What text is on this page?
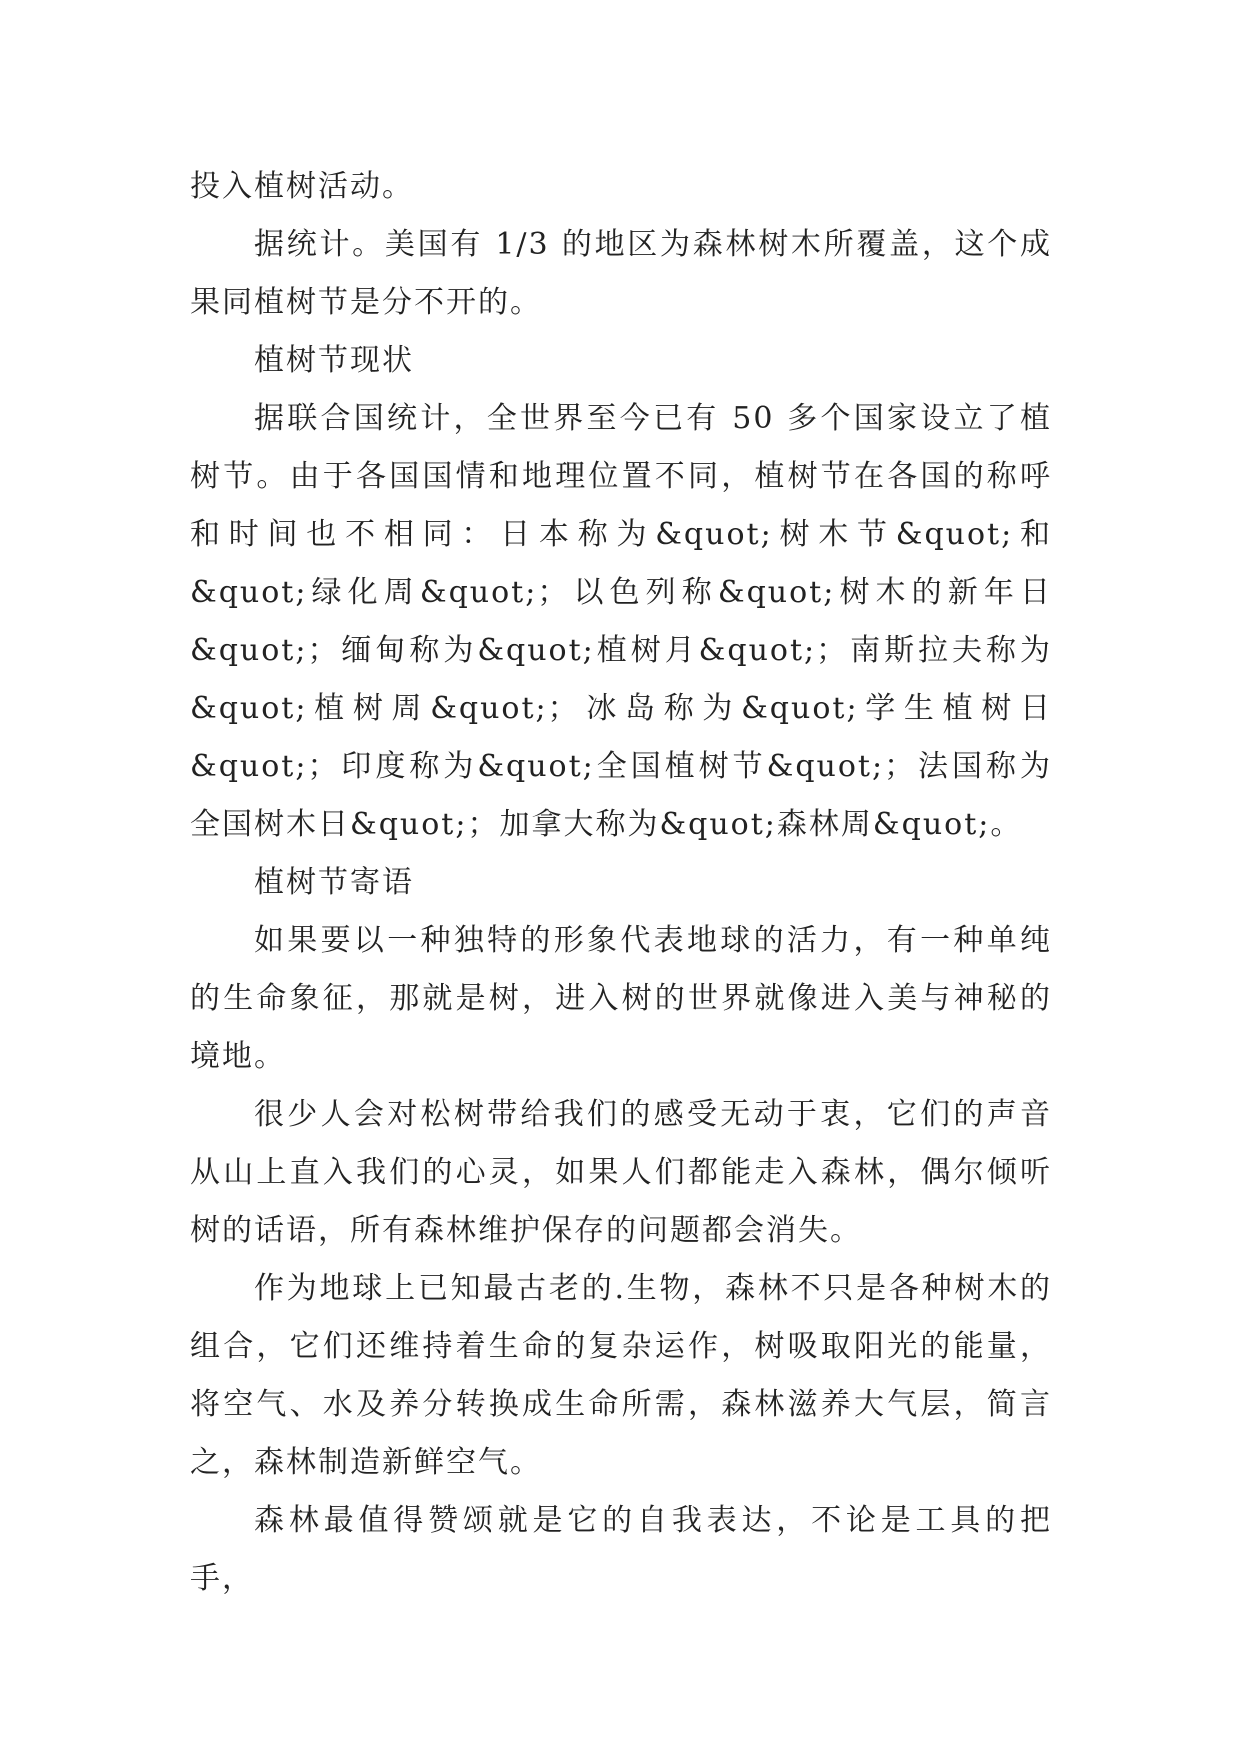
投入植树活动。

据统计。美国有 1/3 的地区为森林树木所覆盖，这个成果同植树节是分不开的。

植树节现状

据联合国统计，全世界至今已有 50 多个国家设立了植树节。由于各国国情和地理位置不同，植树节在各国的称呼和时间也不相同：日本称为&quot;树木节&quot;和&quot;绿化周&quot;；以色列称&quot;树木的新年日&quot;；缅甸称为&quot;植树月&quot;；南斯拉夫称为&quot;植树周&quot;；冰岛称为&quot;学生植树日&quot;；印度称为&quot;全国植树节&quot;；法国称为全国树木日&quot;；加拿大称为&quot;森林周&quot;。

植树节寄语

如果要以一种独特的形象代表地球的活力，有一种单纯的生命象征，那就是树，进入树的世界就像进入美与神秘的境地。

很少人会对松树带给我们的感受无动于衷，它们的声音从山上直入我们的心灵，如果人们都能走入森林，偶尔倾听树的话语，所有森林维护保存的问题都会消失。

作为地球上已知最古老的.生物，森林不只是各种树木的组合，它们还维持着生命的复杂运作，树吸取阳光的能量，将空气、水及养分转换成生命所需，森林滋养大气层，简言之，森林制造新鲜空气。

森林最值得赞颂就是它的自我表达，不论是工具的把手，
